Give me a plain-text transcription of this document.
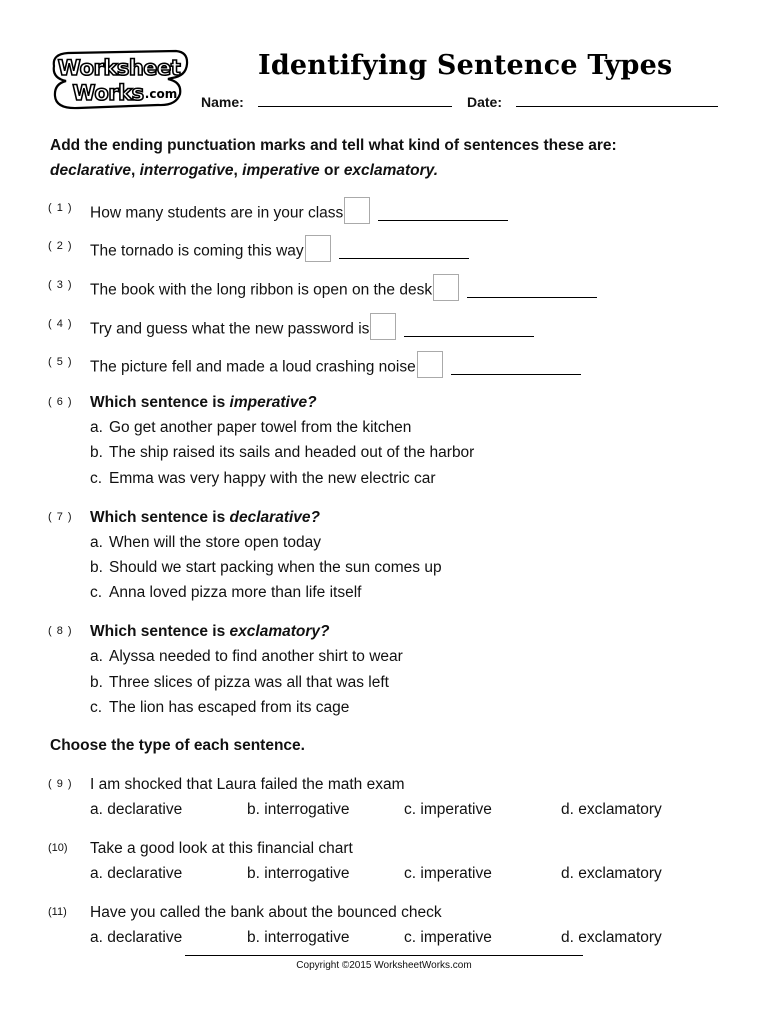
Worksheet
Works .com
Identifying Sentence Types
Name:	Date:
Add the ending punctuation marks and tell what kind of sentences these are:
declarative, interrogative, imperative or exclamatory.
( 1 ) How many students are in your class
( 2 ) The tornado is coming this way
( 3 ) The book with the long ribbon is open on the desk
( 4 ) Try and guess what the new password is
( 5 ) The picture fell and made a loud crashing noise
( 6 ) Which sentence is imperative?
a. Go get another paper towel from the kitchen
b. The ship raised its sails and headed out of the harbor
c. Emma was very happy with the new electric car
( 7 ) Which sentence is declarative?
a. When will the store open today
b. Should we start packing when the sun comes up
c. Anna loved pizza more than life itself
( 8 ) Which sentence is exclamatory?
a. Alyssa needed to find another shirt to wear
b. Three slices of pizza was all that was left
c. The lion has escaped from its cage
Choose the type of each sentence.
( 9 ) I am shocked that Laura failed the math exam
a. declarative	b. interrogative	c. imperative	d. exclamatory
(10) Take a good look at this financial chart
a. declarative	b. interrogative	c. imperative	d. exclamatory
(11) Have you called the bank about the bounced check
a. declarative	b. interrogative	c. imperative	d. exclamatory
Copyright ©2015 WorksheetWorks.com
